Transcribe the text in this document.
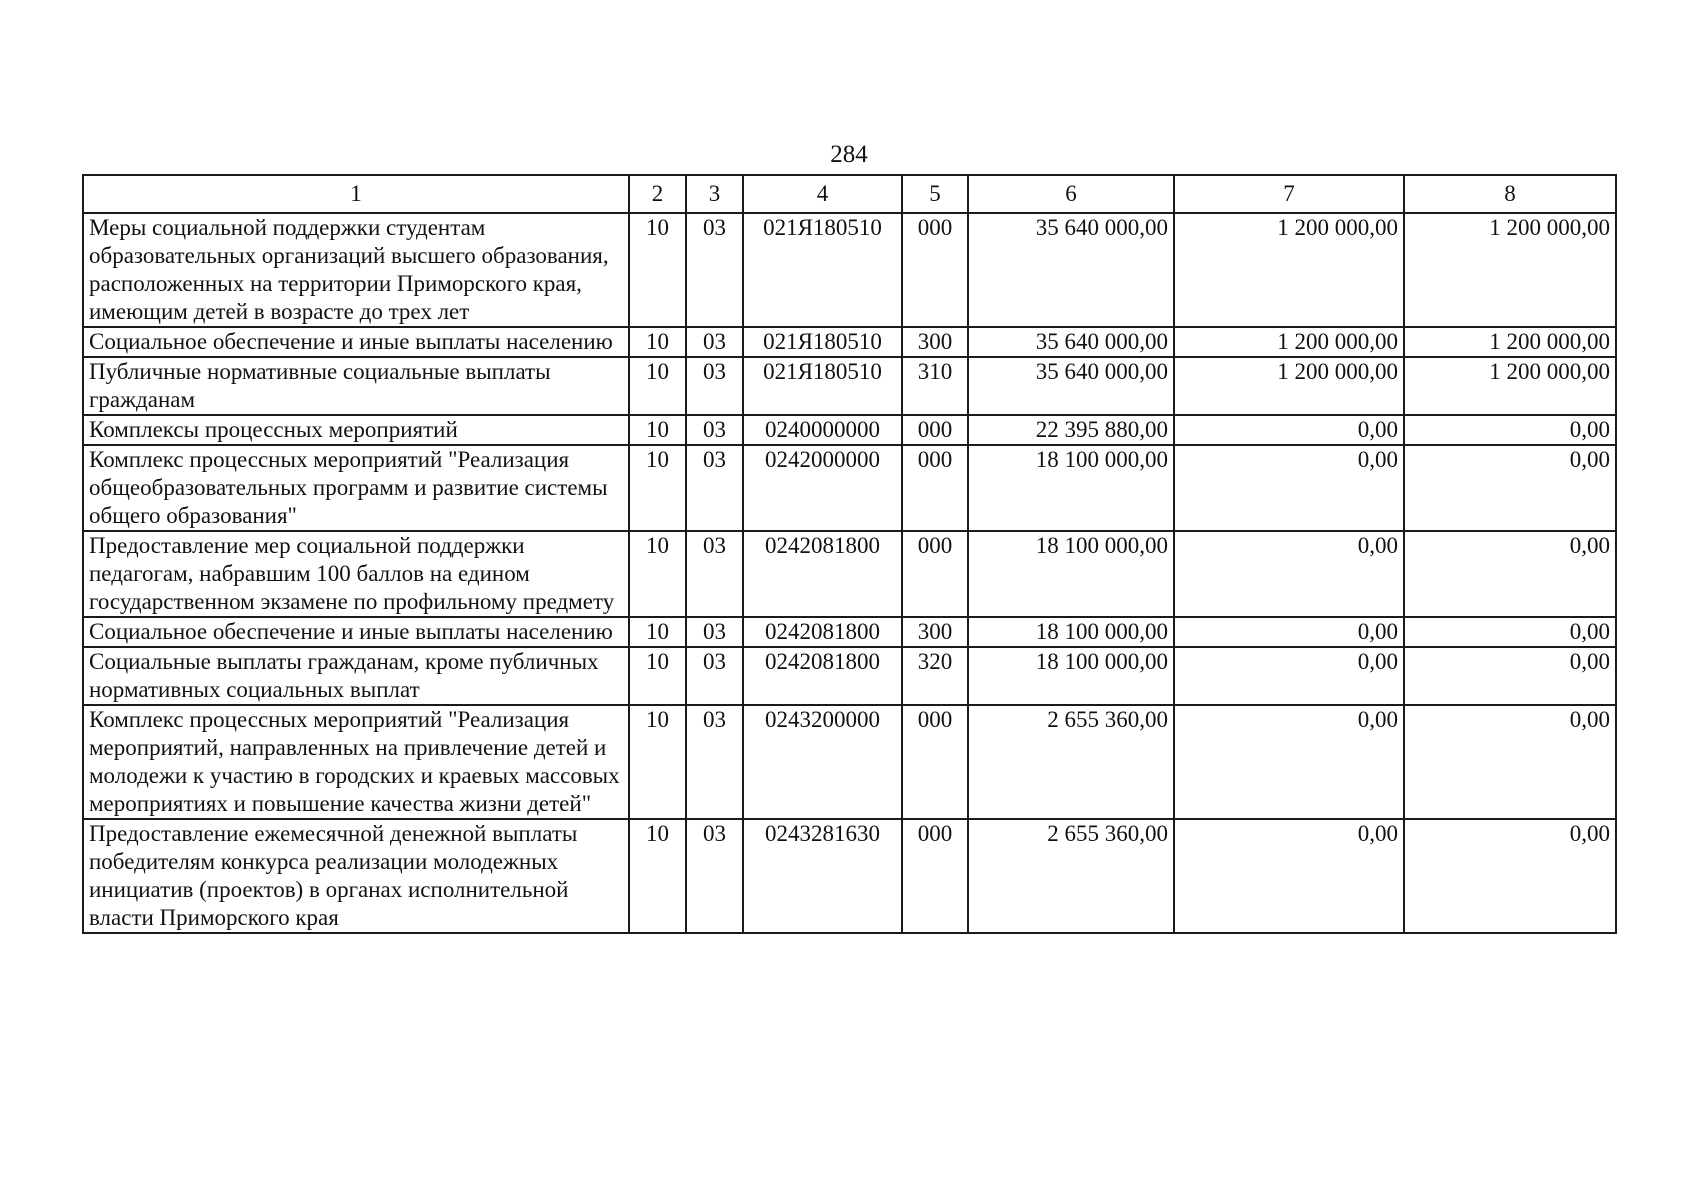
284
1	2	3	4	5	6	7	8
Меры социальной поддержки студентам образовательных организаций высшего образования, расположенных на территории Приморского края, имеющим детей в возрасте до трех лет	10	03	021Я180510	000	35 640 000,00	1 200 000,00	1 200 000,00
Социальное обеспечение и иные выплаты населению	10	03	021Я180510	300	35 640 000,00	1 200 000,00	1 200 000,00
Публичные нормативные социальные выплаты гражданам	10	03	021Я180510	310	35 640 000,00	1 200 000,00	1 200 000,00
Комплексы процессных мероприятий	10	03	0240000000	000	22 395 880,00	0,00	0,00
Комплекс процессных мероприятий "Реализация общеобразовательных программ и развитие системы общего образования"	10	03	0242000000	000	18 100 000,00	0,00	0,00
Предоставление мер социальной поддержки педагогам, набравшим 100 баллов на едином государственном экзамене по профильному предмету	10	03	0242081800	000	18 100 000,00	0,00	0,00
Социальное обеспечение и иные выплаты населению	10	03	0242081800	300	18 100 000,00	0,00	0,00
Социальные выплаты гражданам, кроме публичных нормативных социальных выплат	10	03	0242081800	320	18 100 000,00	0,00	0,00
Комплекс процессных мероприятий "Реализация мероприятий, направленных на привлечение детей и молодежи к участию в городских и краевых массовых мероприятиях и повышение качества жизни детей"	10	03	0243200000	000	2 655 360,00	0,00	0,00
Предоставление ежемесячной денежной выплаты победителям конкурса реализации молодежных инициатив (проектов) в органах исполнительной власти Приморского края	10	03	0243281630	000	2 655 360,00	0,00	0,00
